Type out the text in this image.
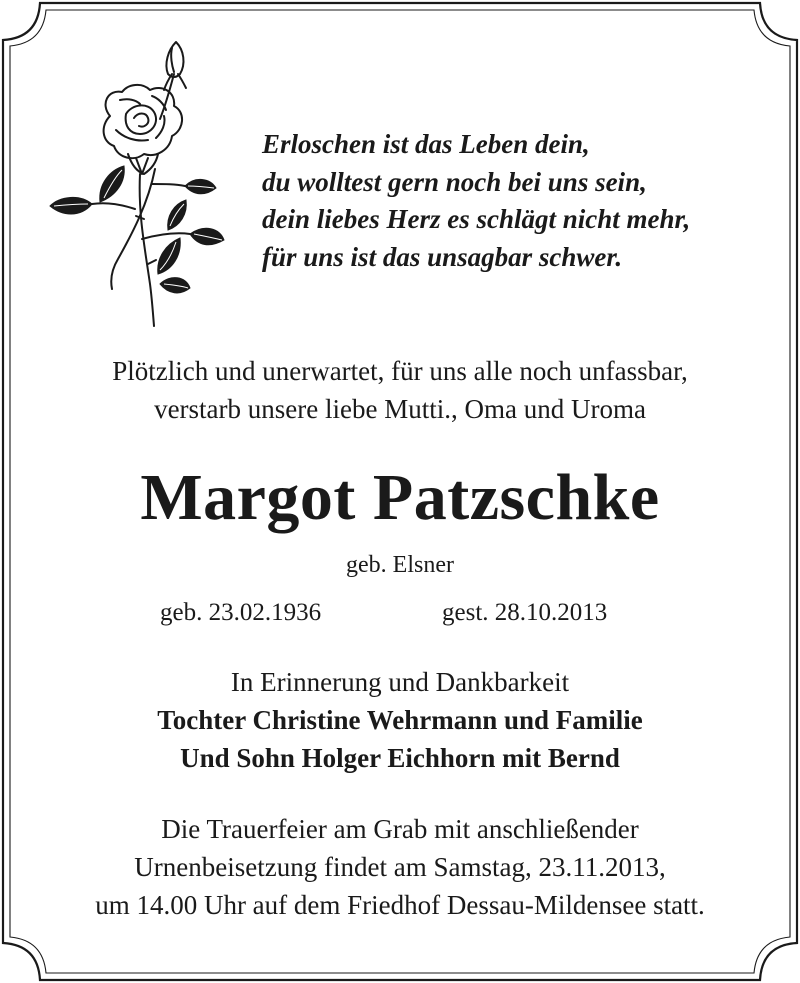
Erloschen ist das Leben dein,
du wolltest gern noch bei uns sein,
dein liebes Herz es schlägt nicht mehr,
für uns ist das unsagbar schwer.
Plötzlich und unerwartet, für uns alle noch unfassbar,
verstarb unsere liebe Mutti., Oma und Uroma
Margot Patzschke
geb. Elsner
geb. 23.02.1936	gest. 28.10.2013
In Erinnerung und Dankbarkeit
Tochter Christine Wehrmann und Familie
Und Sohn Holger Eichhorn mit Bernd
Die Trauerfeier am Grab mit anschließender
Urnenbeisetzung findet am Samstag, 23.11.2013,
um 14.00 Uhr auf dem Friedhof Dessau-Mildensee statt.
